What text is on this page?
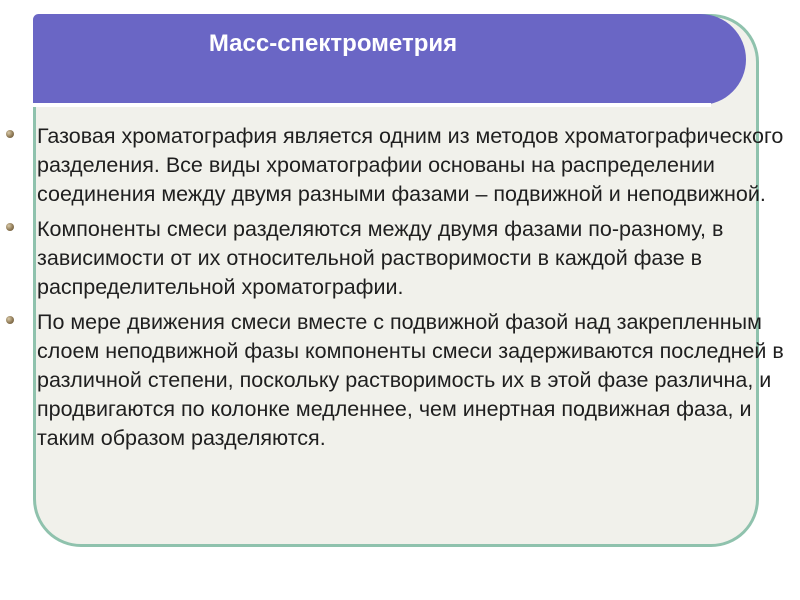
Масс-спектрометрия
Газовая хроматография является одним из методов хроматографического разделения. Все виды хроматографии основаны на распределении соединения между двумя разными фазами – подвижной и неподвижной.
Компоненты смеси разделяются между двумя фазами по-разному, в зависимости от их относительной растворимости в каждой фазе в распределительной хроматографии.
По мере движения смеси вместе с подвижной фазой над закрепленным слоем неподвижной фазы компоненты смеси задерживаются последней в различной степени, поскольку растворимость их в этой фазе различна, и продвигаются по колонке медленнее, чем инертная подвижная фаза, и таким образом разделяются.
